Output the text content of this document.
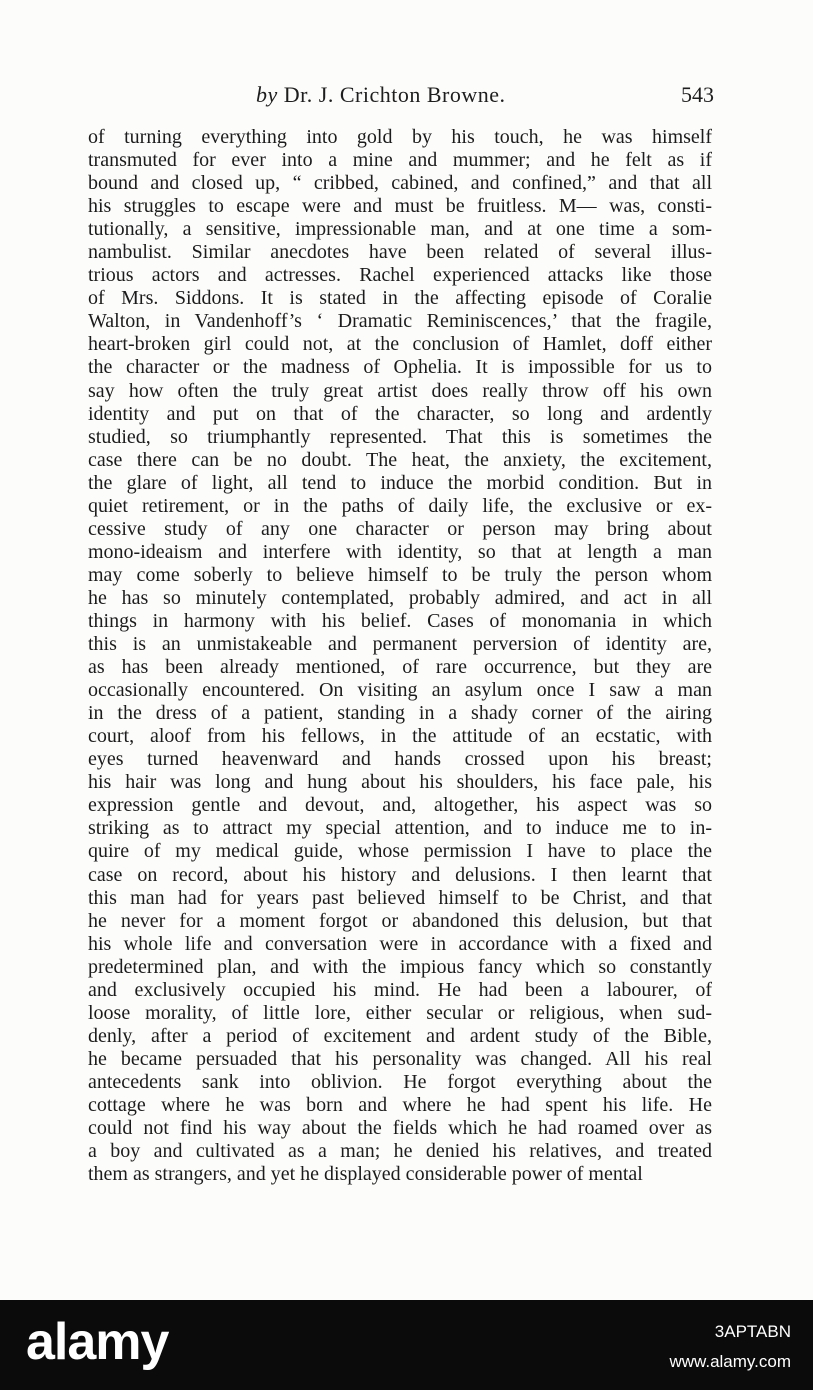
by Dr. J. Crichton Browne.	543
of turning everything into gold by his touch, he was himself
transmuted for ever into a mine and mummer; and he felt as if
bound and closed up, “ cribbed, cabined, and confined,” and that all
his struggles to escape were and must be fruitless. M— was, consti-
tutionally, a sensitive, impressionable man, and at one time a som-
nambulist. Similar anecdotes have been related of several illus-
trious actors and actresses. Rachel experienced attacks like those
of Mrs. Siddons. It is stated in the affecting episode of Coralie
Walton, in Vandenhoff’s ‘ Dramatic Reminiscences,’ that the fragile,
heart-broken girl could not, at the conclusion of Hamlet, doff either
the character or the madness of Ophelia. It is impossible for us to
say how often the truly great artist does really throw off his own
identity and put on that of the character, so long and ardently
studied, so triumphantly represented. That this is sometimes the
case there can be no doubt. The heat, the anxiety, the excitement,
the glare of light, all tend to induce the morbid condition. But in
quiet retirement, or in the paths of daily life, the exclusive or ex-
cessive study of any one character or person may bring about
mono-ideaism and interfere with identity, so that at length a man
may come soberly to believe himself to be truly the person whom
he has so minutely contemplated, probably admired, and act in all
things in harmony with his belief. Cases of monomania in which
this is an unmistakeable and permanent perversion of identity are,
as has been already mentioned, of rare occurrence, but they are
occasionally encountered. On visiting an asylum once I saw a man
in the dress of a patient, standing in a shady corner of the airing
court, aloof from his fellows, in the attitude of an ecstatic, with
eyes turned heavenward and hands crossed upon his breast;
his hair was long and hung about his shoulders, his face pale, his
expression gentle and devout, and, altogether, his aspect was so
striking as to attract my special attention, and to induce me to in-
quire of my medical guide, whose permission I have to place the
case on record, about his history and delusions. I then learnt that
this man had for years past believed himself to be Christ, and that
he never for a moment forgot or abandoned this delusion, but that
his whole life and conversation were in accordance with a fixed and
predetermined plan, and with the impious fancy which so constantly
and exclusively occupied his mind. He had been a labourer, of
loose morality, of little lore, either secular or religious, when sud-
denly, after a period of excitement and ardent study of the Bible,
he became persuaded that his personality was changed. All his real
antecedents sank into oblivion. He forgot everything about the
cottage where he was born and where he had spent his life. He
could not find his way about the fields which he had roamed over as
a boy and cultivated as a man; he denied his relatives, and treated
them as strangers, and yet he displayed considerable power of mental
alamy	3APTABN
www.alamy.com
